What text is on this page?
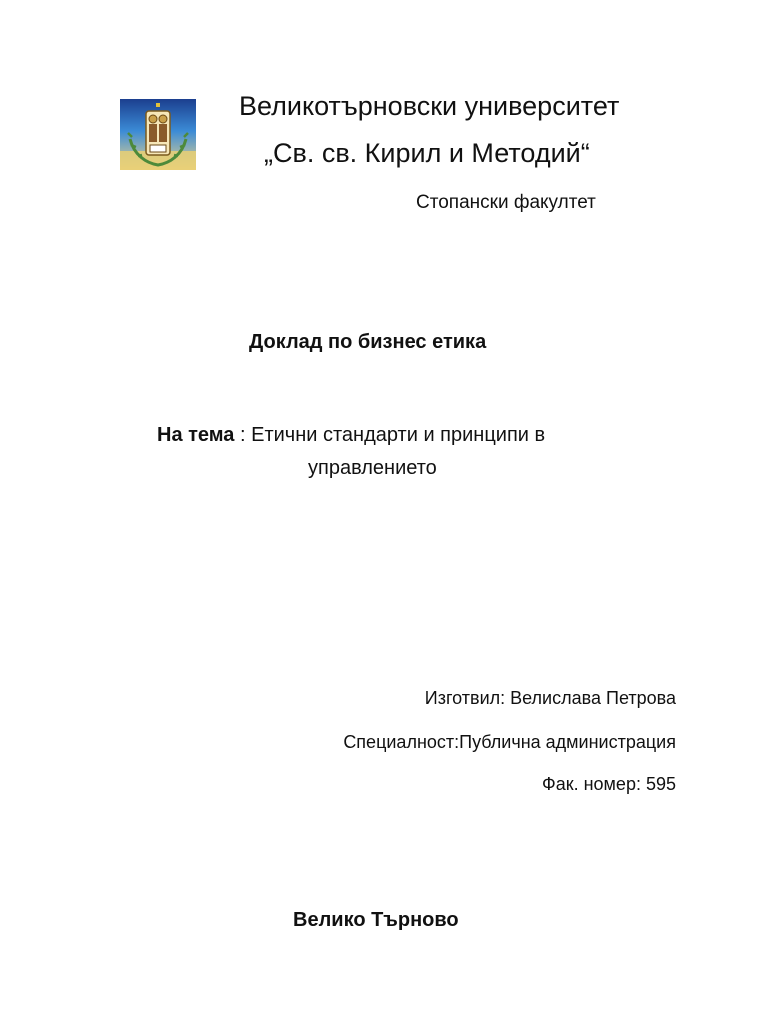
Великотърновски университет
„Св. св. Кирил и Методий“
Стопански факултет
Доклад по бизнес етика
На тема : Етични стандарти и принципи в
управлението
Изготвил: Велислава Петрова
Специалност:Публична администрация
Фак. номер: 595
Велико Търново
